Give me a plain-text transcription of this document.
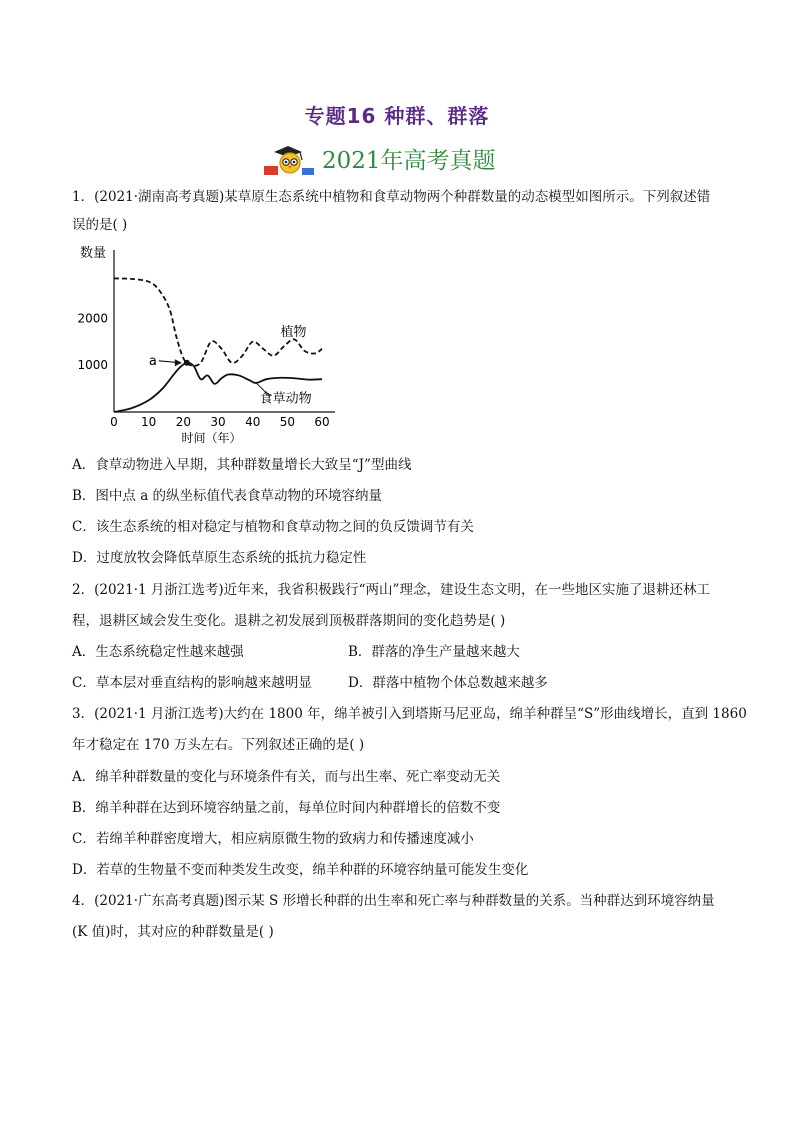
专题16 种群、群落
2021年高考真题
1．(2021·湖南高考真题)某草原生态系统中植物和食草动物两个种群数量的动态模型如图所示。下列叙述错
误的是( )
数量
1000
2000
0 10 20 30 40 50 60
时间（年）
植物
食草动物
a
A．食草动物进入早期，其种群数量增长大致呈“J”型曲线
B．图中点 a 的纵坐标值代表食草动物的环境容纳量
C．该生态系统的相对稳定与植物和食草动物之间的负反馈调节有关
D．过度放牧会降低草原生态系统的抵抗力稳定性
2．(2021·1 月浙江选考)近年来，我省积极践行“两山”理念，建设生态文明，在一些地区实施了退耕还林工
程，退耕区域会发生变化。退耕之初发展到顶极群落期间的变化趋势是( )
A．生态系统稳定性越来越强	B．群落的净生产量越来越大
C．草本层对垂直结构的影响越来越明显	D．群落中植物个体总数越来越多
3．(2021·1 月浙江选考)大约在 1800 年，绵羊被引入到塔斯马尼亚岛，绵羊种群呈“S”形曲线增长，直到 1860
年才稳定在 170 万头左右。下列叙述正确的是( )
A．绵羊种群数量的变化与环境条件有关，而与出生率、死亡率变动无关
B．绵羊种群在达到环境容纳量之前，每单位时间内种群增长的倍数不变
C．若绵羊种群密度增大，相应病原微生物的致病力和传播速度减小
D．若草的生物量不变而种类发生改变，绵羊种群的环境容纳量可能发生变化
4．(2021·广东高考真题)图示某 S 形增长种群的出生率和死亡率与种群数量的关系。当种群达到环境容纳量
(K 值)时，其对应的种群数量是( )
